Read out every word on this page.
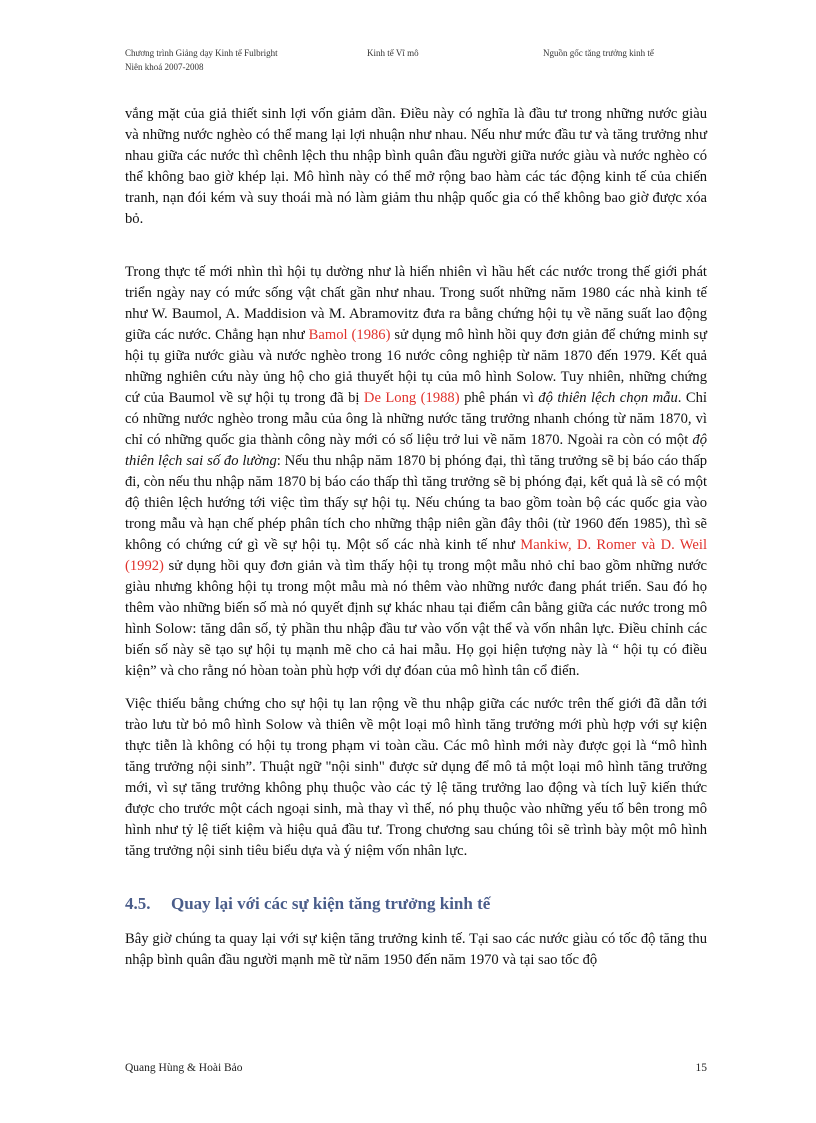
Chương trình Giảng dạy Kinh tế Fulbright
Niên khoá 2007-2008
Kinh tế Vĩ mô	Nguồn gốc tăng trưởng kinh tế

vắng mặt của giả thiết sinh lợi vốn giảm dần. Điều này có nghĩa là đầu tư trong những nước giàu và những nước nghèo có thể mang lại lợi nhuận như nhau. Nếu như mức đầu tư và tăng trưởng như nhau giữa các nước thì chênh lệch thu nhập bình quân đầu người giữa nước giàu và nước nghèo có thể không bao giờ khép lại. Mô hình này có thể mở rộng bao hàm các tác động kinh tế của chiến tranh, nạn đói kém và suy thoái mà nó làm giảm thu nhập quốc gia có thể không bao giờ được xóa bỏ.

Trong thực tế mới nhìn thì hội tụ dường như là hiển nhiên vì hầu hết các nước trong thế giới phát triển ngày nay có mức sống vật chất gần như nhau. Trong suốt những năm 1980 các nhà kinh tế như W. Baumol, A. Maddision và M. Abramovitz đưa ra bằng chứng hội tụ về năng suất lao động giữa các nước. Chẳng hạn như Bamol (1986) sử dụng mô hình hồi quy đơn giản để chứng minh sự hội tụ giữa nước giàu và nước nghèo trong 16 nước công nghiệp từ năm 1870 đến 1979. Kết quả những nghiên cứu này ủng hộ cho giả thuyết hội tụ của mô hình Solow. Tuy nhiên, những chứng cứ của Baumol về sự hội tụ trong đã bị De Long (1988) phê phán vì độ thiên lệch chọn mẫu. Chỉ có những nước nghèo trong mẫu của ông là những nước tăng trưởng nhanh chóng từ năm 1870, vì chỉ có những quốc gia thành công này mới có số liệu trở lui về năm 1870. Ngoài ra còn có một độ thiên lệch sai số đo lường: Nếu thu nhập năm 1870 bị phóng đại, thì tăng trưởng sẽ bị báo cáo thấp đi, còn nếu thu nhập năm 1870 bị báo cáo thấp thì tăng trưởng sẽ bị phóng đại, kết quả là sẽ có một độ thiên lệch hướng tới việc tìm thấy sự hội tụ. Nếu chúng ta bao gồm toàn bộ các quốc gia vào trong mẫu và hạn chế phép phân tích cho những thập niên gần đây thôi (từ 1960 đến 1985), thì sẽ không có chứng cứ gì về sự hội tụ. Một số các nhà kinh tế như Mankiw, D. Romer và D. Weil (1992) sử dụng hồi quy đơn giản và tìm thấy hội tụ trong một mẫu nhỏ chỉ bao gồm những nước giàu nhưng không hội tụ trong một mẫu mà nó thêm vào những nước đang phát triển. Sau đó họ thêm vào những biến số mà nó quyết định sự khác nhau tại điểm cân bằng giữa các nước trong mô hình Solow: tăng dân số, tỷ phần thu nhập đầu tư vào vốn vật thể và vốn nhân lực. Điều chỉnh các biến số này sẽ tạo sự hội tụ mạnh mẽ cho cả hai mẫu. Họ gọi hiện tượng này là “ hội tụ có điều kiện” và cho rằng nó hòan toàn phù hợp với dự đóan của mô hình tân cổ điển.

Việc thiếu bằng chứng cho sự hội tụ lan rộng về thu nhập giữa các nước trên thế giới đã dẫn tới trào lưu từ bỏ mô hình Solow và thiên về một loại mô hình tăng trưởng mới phù hợp với sự kiện thực tiễn là không có hội tụ trong phạm vi toàn cầu. Các mô hình mới này được gọi là “mô hình tăng trưởng nội sinh”. Thuật ngữ "nội sinh" được sử dụng để mô tả một loại mô hình tăng trưởng mới, vì sự tăng trưởng không phụ thuộc vào các tỷ lệ tăng trưởng lao động và tích luỹ kiến thức được cho trước một cách ngoại sinh, mà thay vì thế, nó phụ thuộc vào những yếu tố bên trong mô hình như tỷ lệ tiết kiệm và hiệu quả đầu tư. Trong chương sau chúng tôi sẽ trình bày một mô hình tăng trưởng nội sinh tiêu biểu dựa và ý niệm vốn nhân lực.

4.5. Quay lại với các sự kiện tăng trưởng kinh tế

Bây giờ chúng ta quay lại với sự kiện tăng trưởng kinh tế. Tại sao các nước giàu có tốc độ tăng thu nhập bình quân đầu người mạnh mẽ từ năm 1950 đến năm 1970 và tại sao tốc độ

Quang Hùng & Hoài Bảo	15
